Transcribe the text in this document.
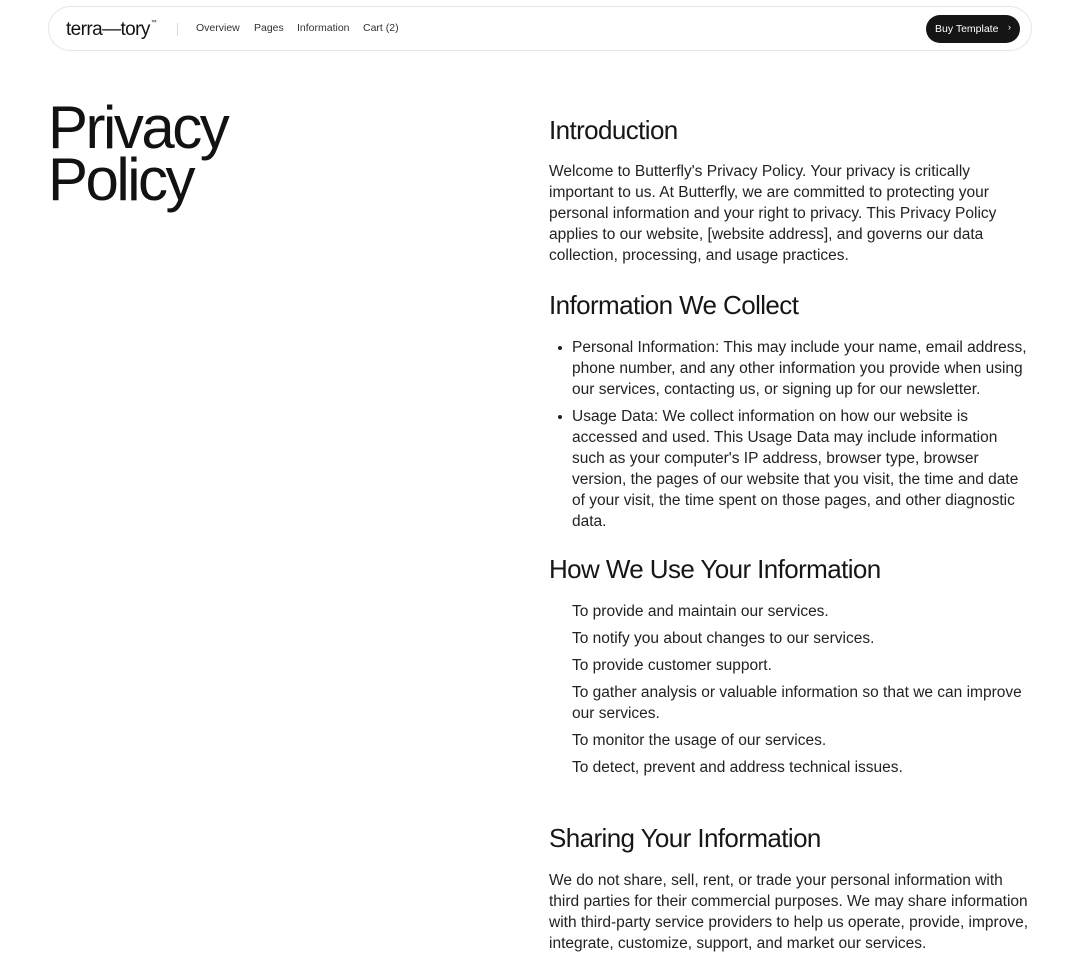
terra—tory™	Overview Pages Information Cart (2)	Buy Template ›
Privacy
Policy
Introduction

Welcome to Butterfly's Privacy Policy. Your privacy is critically important to us. At Butterfly, we are committed to protecting your personal information and your right to privacy. This Privacy Policy applies to our website, [website address], and governs our data collection, processing, and usage practices.

Information We Collect
Personal Information: This may include your name, email address, phone number, and any other information you provide when using our services, contacting us, or signing up for our newsletter.
Usage Data: We collect information on how our website is accessed and used. This Usage Data may include information such as your computer's IP address, browser type, browser version, the pages of our website that you visit, the time and date of your visit, the time spent on those pages, and other diagnostic data.
How We Use Your Information
To provide and maintain our services.
To notify you about changes to our services.
To provide customer support.
To gather analysis or valuable information so that we can improve our services.
To monitor the usage of our services.
To detect, prevent and address technical issues.
Sharing Your Information

We do not share, sell, rent, or trade your personal information with third parties for their commercial purposes. We may share information with third-party service providers to help us operate, provide, improve, integrate, customize, support, and market our services.
